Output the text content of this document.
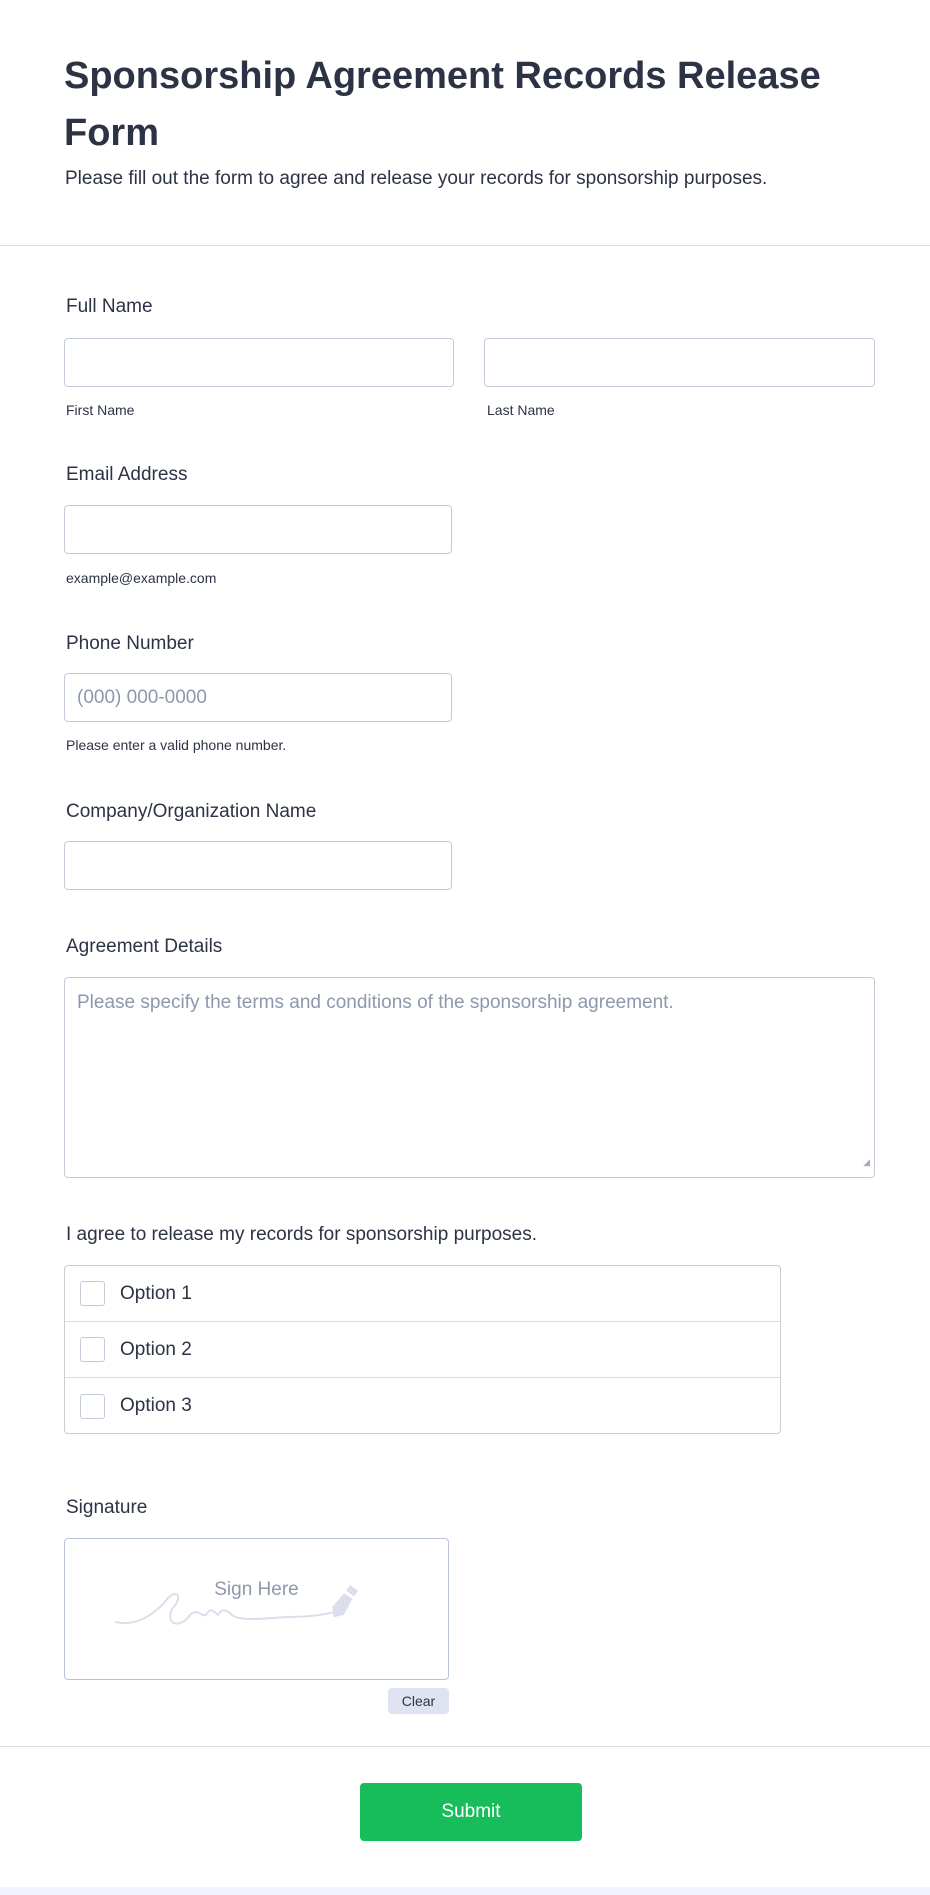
Sponsorship Agreement Records Release Form
Please fill out the form to agree and release your records for sponsorship purposes.
Full Name
First Name	Last Name
Email Address
example@example.com
Phone Number
(000) 000-0000
Please enter a valid phone number.
Company/Organization Name
Agreement Details
Please specify the terms and conditions of the sponsorship agreement.
◢
I agree to release my records for sponsorship purposes.
Option 1
Option 2
Option 3
Signature
Sign Here
Clear
Submit
